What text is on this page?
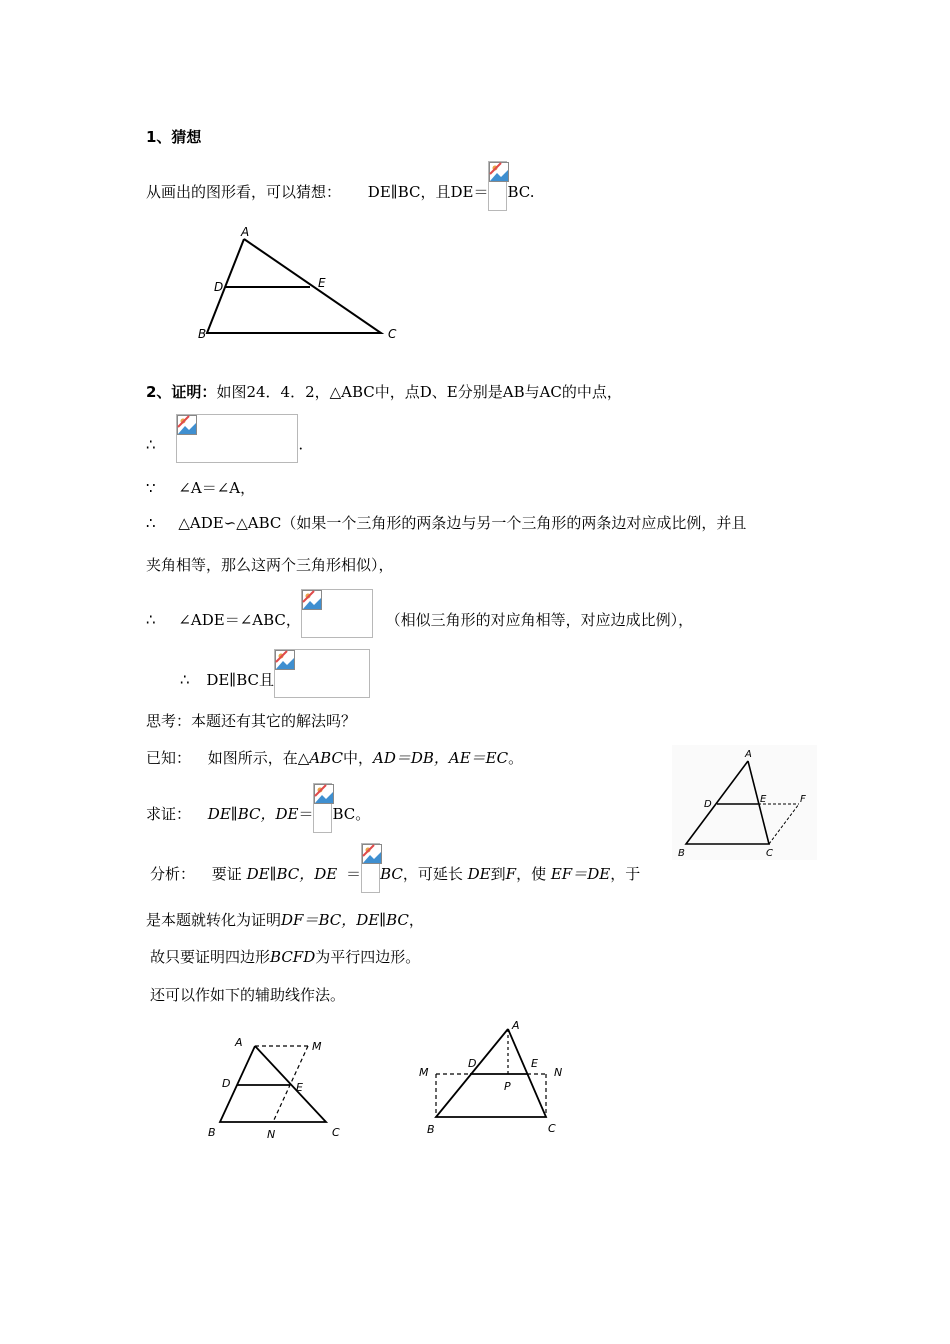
1、猜想
从画出的图形看，可以猜想： DE∥BC，且DE＝ BC.
A
D	E
B	C
2、证明：如图24．4．2，△ABC中，点D、E分别是AB与AC的中点，
∴	.
∵ ∠A＝∠A，
∴ △ADE∽△ABC（如果一个三角形的两条边与另一个三角形的两条边对应成比例，并且
夹角相等，那么这两个三角形相似），
∴ ∠ADE＝∠ABC，	（相似三角形的对应角相等，对应边成比例），
∴ DE∥BC且
思考：本题还有其它的解法吗？
已知： 如图所示，在△ABC中，AD＝DB，AE＝EC。
求证： DE∥BC，DE＝ BC。
分析： 要证 DE∥BC，DE ＝ BC，可延长 DE到F，使 EF＝DE，于
是本题就转化为证明DF＝BC，DE∥BC，
故只要证明四边形BCFD为平行四边形。
还可以作如下的辅助线作法。
A
D	E	F
B	C
A	M
D	E
B	N	C
A
M
D	E
N
P
B	C
